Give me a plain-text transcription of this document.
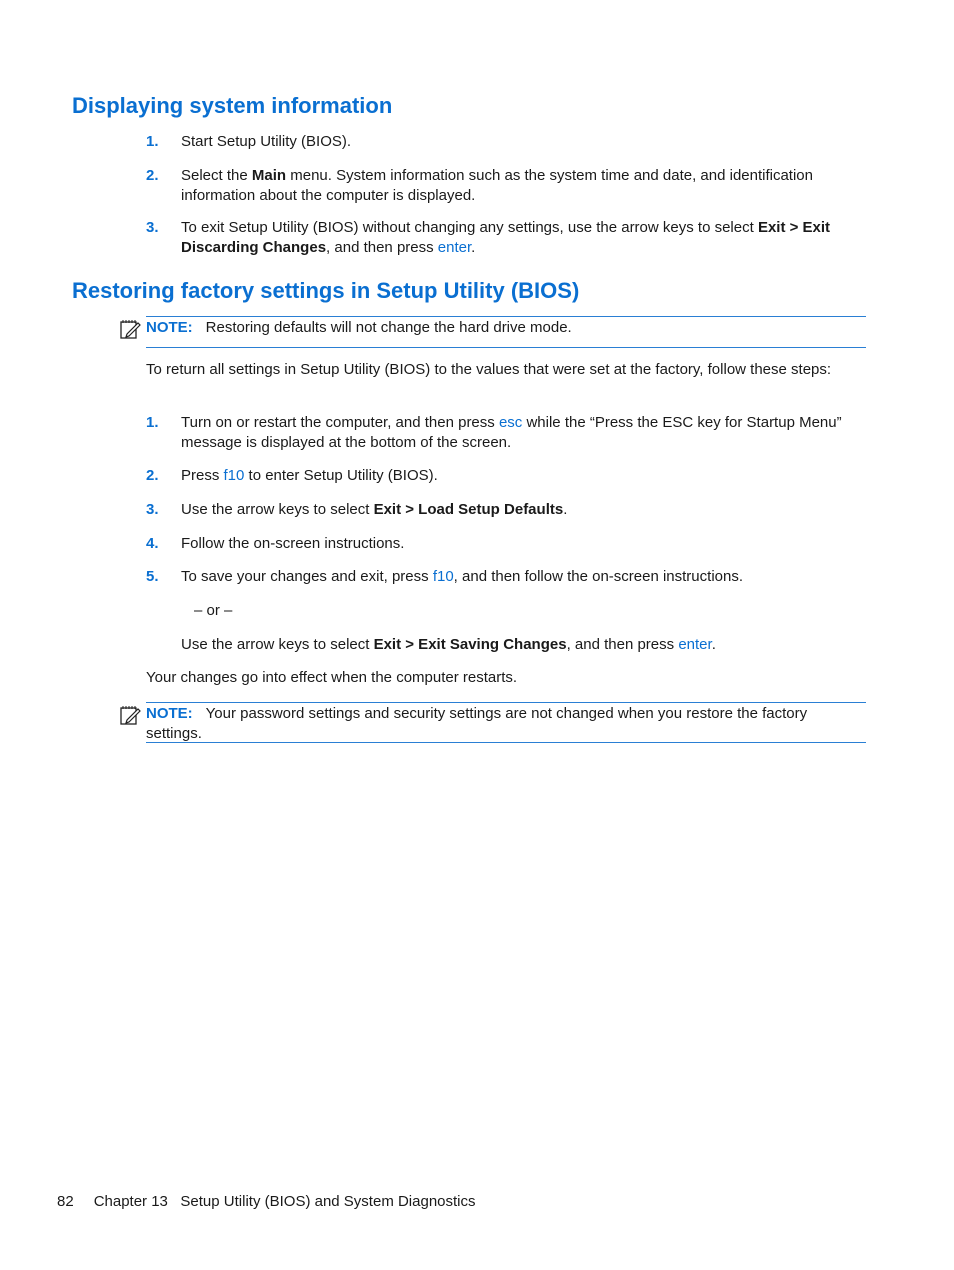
Displaying system information
1. Start Setup Utility (BIOS).
2. Select the Main menu. System information such as the system time and date, and identification information about the computer is displayed.
3. To exit Setup Utility (BIOS) without changing any settings, use the arrow keys to select Exit > Exit Discarding Changes, and then press enter.
Restoring factory settings in Setup Utility (BIOS)
NOTE: Restoring defaults will not change the hard drive mode.
To return all settings in Setup Utility (BIOS) to the values that were set at the factory, follow these steps:
1. Turn on or restart the computer, and then press esc while the “Press the ESC key for Startup Menu” message is displayed at the bottom of the screen.
2. Press f10 to enter Setup Utility (BIOS).
3. Use the arrow keys to select Exit > Load Setup Defaults.
4. Follow the on-screen instructions.
5. To save your changes and exit, press f10, and then follow the on-screen instructions.
– or –
Use the arrow keys to select Exit > Exit Saving Changes, and then press enter.
Your changes go into effect when the computer restarts.
NOTE: Your password settings and security settings are not changed when you restore the factory settings.
82 Chapter 13   Setup Utility (BIOS) and System Diagnostics
